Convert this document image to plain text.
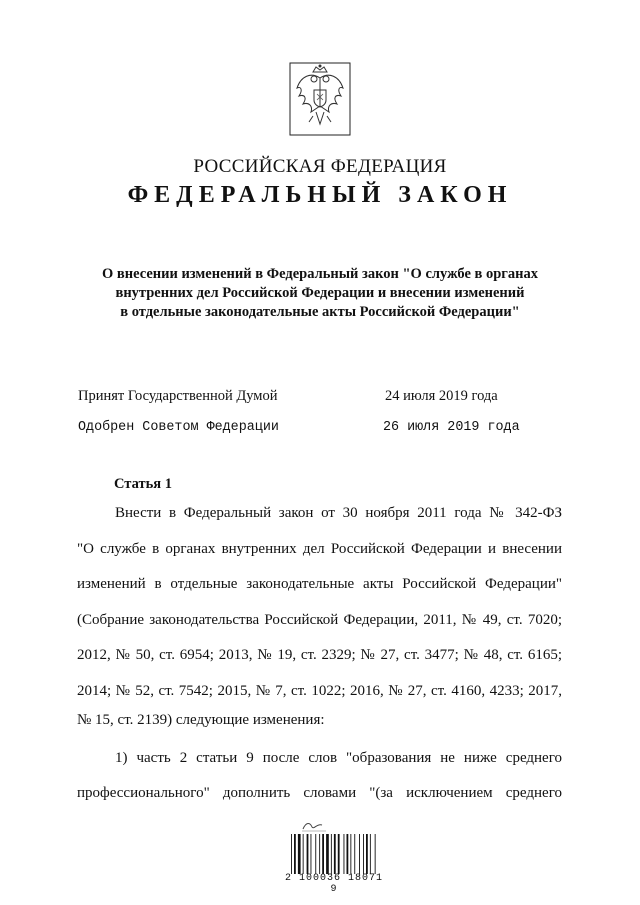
РОССИЙСКАЯ ФЕДЕРАЦИЯ
ФЕДЕРАЛЬНЫЙ ЗАКОН
О внесении изменений в Федеральный закон "О службе в органах
внутренних дел Российской Федерации и внесении изменений
в отдельные законодательные акты Российской Федерации"
Принят Государственной Думой	24 июля 2019 года
Одобрен Советом Федерации	26 июля 2019 года
Статья 1
Внести в Федеральный закон от 30 ноября 2011 года № 342-ФЗ
"О службе в органах внутренних дел Российской Федерации и внесении
изменений в отдельные законодательные акты Российской Федерации"
(Собрание законодательства Российской Федерации, 2011, № 49, ст. 7020;
2012, № 50, ст. 6954; 2013, № 19, ст. 2329; № 27, ст. 3477; № 48, ст. 6165;
2014; № 52, ст. 7542; 2015, № 7, ст. 1022; 2016, № 27, ст. 4160, 4233; 2017,
№ 15, ст. 2139) следующие изменения:
1) часть 2 статьи 9 после слов "образования не ниже среднего
профессионального" дополнить словами "(за исключением среднего
2 100036 18071 9
